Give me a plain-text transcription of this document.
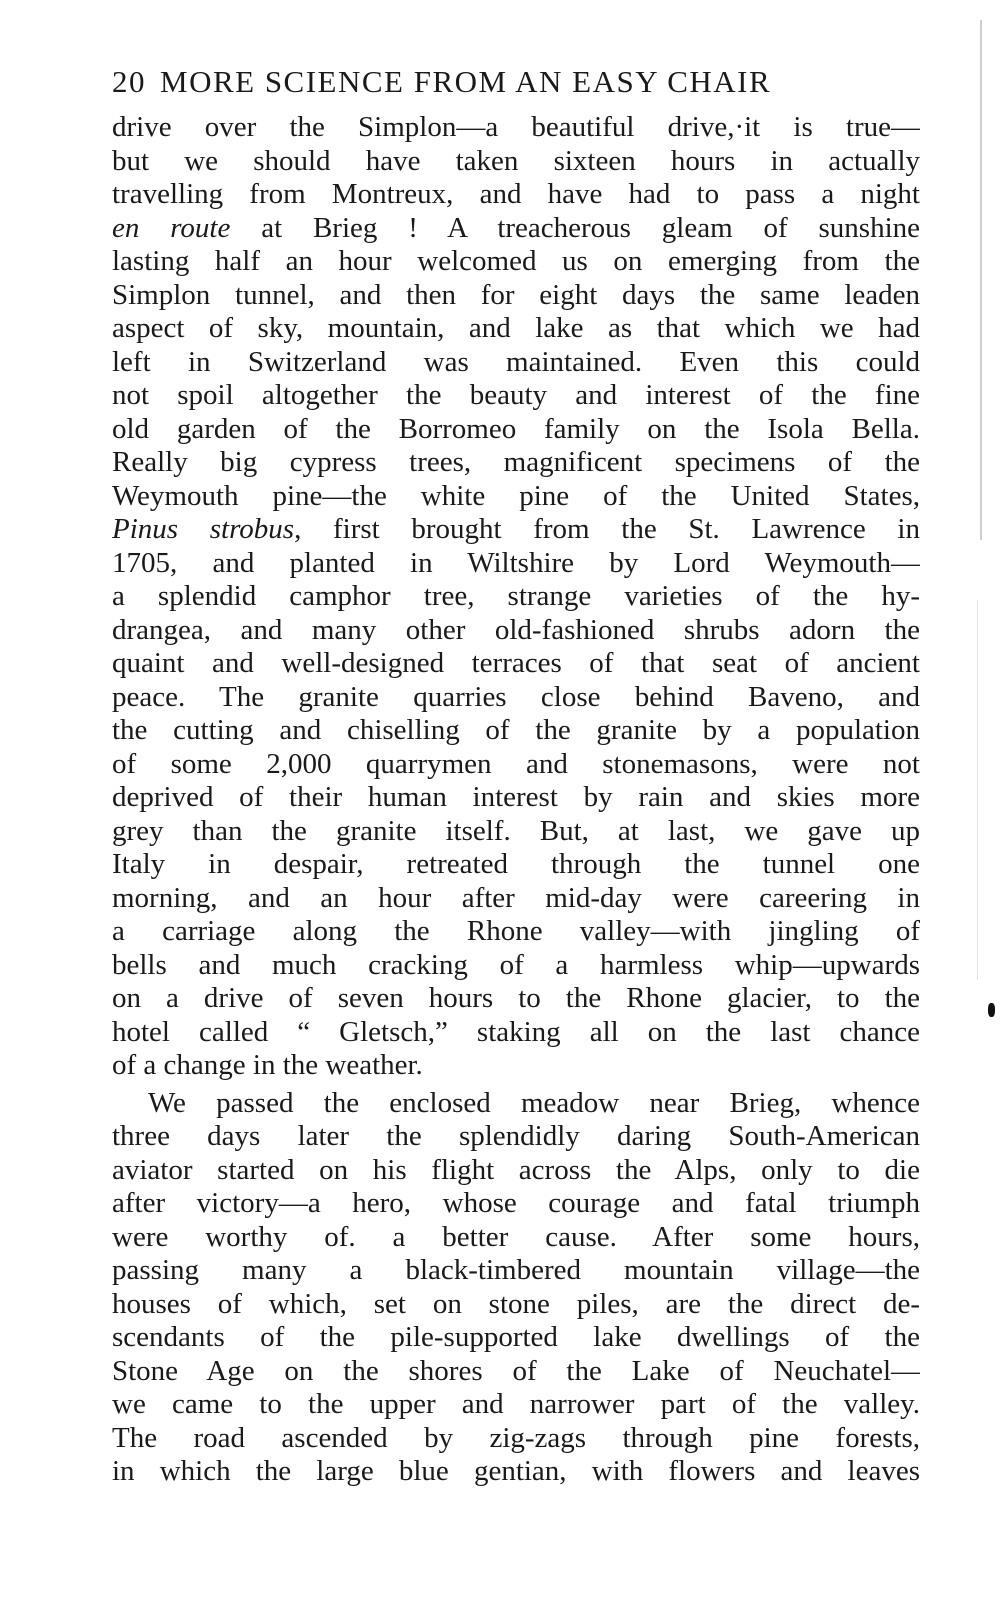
20 MORE SCIENCE FROM AN EASY CHAIR
drive over the Simplon—a beautiful drive,·it is true—
but we should have taken sixteen hours in actually
travelling from Montreux, and have had to pass a night
en route at Brieg ! A treacherous gleam of sunshine
lasting half an hour welcomed us on emerging from the
Simplon tunnel, and then for eight days the same leaden
aspect of sky, mountain, and lake as that which we had
left in Switzerland was maintained. Even this could
not spoil altogether the beauty and interest of the fine
old garden of the Borromeo family on the Isola Bella.
Really big cypress trees, magnificent specimens of the
Weymouth pine—the white pine of the United States,
Pinus strobus, first brought from the St. Lawrence in
1705, and planted in Wiltshire by Lord Weymouth—
a splendid camphor tree, strange varieties of the hy-
drangea, and many other old-fashioned shrubs adorn the
quaint and well-designed terraces of that seat of ancient
peace. The granite quarries close behind Baveno, and
the cutting and chiselling of the granite by a population
of some 2,000 quarrymen and stonemasons, were not
deprived of their human interest by rain and skies more
grey than the granite itself. But, at last, we gave up
Italy in despair, retreated through the tunnel one
morning, and an hour after mid-day were careering in
a carriage along the Rhone valley—with jingling of
bells and much cracking of a harmless whip—upwards
on a drive of seven hours to the Rhone glacier, to the
hotel called “ Gletsch,” staking all on the last chance
of a change in the weather.
We passed the enclosed meadow near Brieg, whence
three days later the splendidly daring South-American
aviator started on his flight across the Alps, only to die
after victory—a hero, whose courage and fatal triumph
were worthy of. a better cause. After some hours,
passing many a black-timbered mountain village—the
houses of which, set on stone piles, are the direct de-
scendants of the pile-supported lake dwellings of the
Stone Age on the shores of the Lake of Neuchatel—
we came to the upper and narrower part of the valley.
The road ascended by zig-zags through pine forests,
in which the large blue gentian, with flowers and leaves
